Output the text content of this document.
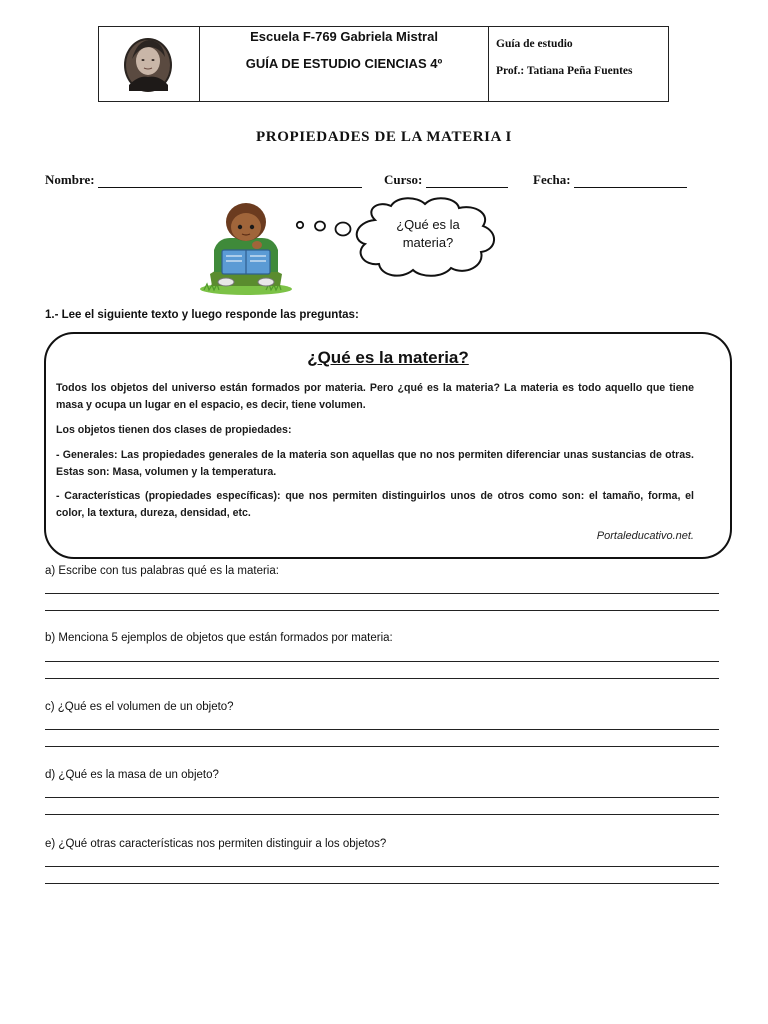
Escuela F-769 Gabriela Mistral
GUÍA DE ESTUDIO CIENCIAS 4º
Guía de estudio
Prof.: Tatiana Peña Fuentes
PROPIEDADES DE LA MATERIA I
Nombre:	Curso:	Fecha:
¿Qué es la
materia?
1.- Lee el siguiente texto y luego responde las preguntas:
¿Qué es la materia?

Todos los objetos del universo están formados por materia. Pero ¿qué es la materia? La materia es todo aquello que tiene masa y ocupa un lugar en el espacio, es decir, tiene volumen.

Los objetos tienen dos clases de propiedades:

- Generales: Las propiedades generales de la materia son aquellas que no nos permiten diferenciar unas sustancias de otras. Estas son: Masa, volumen y la temperatura.

- Características (propiedades específicas): que nos permiten distinguirlos unos de otros como son: el tamaño, forma, el color, la textura, dureza, densidad, etc.

Portaleducativo.net.
a) Escribe con tus palabras qué es la materia:
b) Menciona 5 ejemplos de objetos que están formados por materia:
c) ¿Qué es el volumen de un objeto?
d) ¿Qué es la masa de un objeto?
e) ¿Qué otras características nos permiten distinguir a los objetos?
